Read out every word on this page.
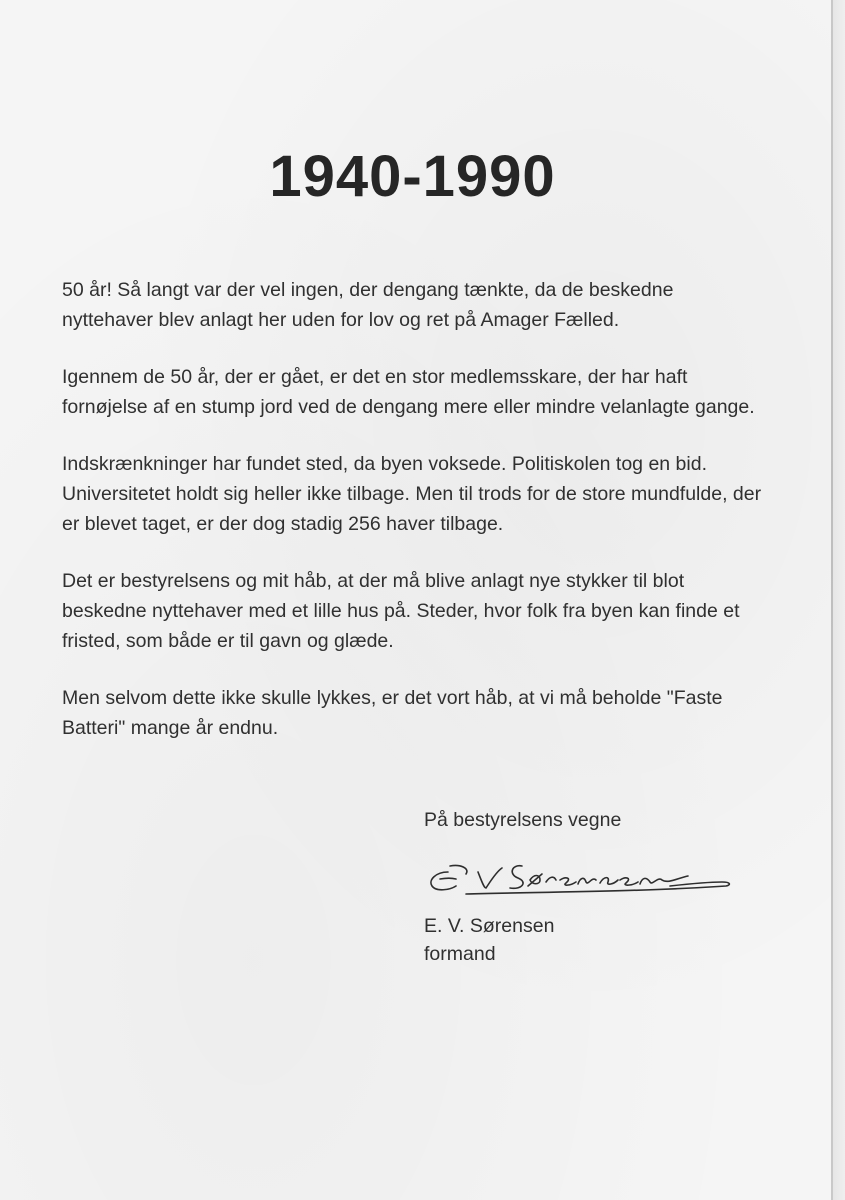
1940-1990

50 år! Så langt var der vel ingen, der dengang tænkte, da de beskedne nyttehaver blev anlagt her uden for lov og ret på Amager Fælled.

Igennem de 50 år, der er gået, er det en stor medlemsskare, der har haft fornøjelse af en stump jord ved de dengang mere eller mindre velanlagte gange.

Indskrænkninger har fundet sted, da byen voksede. Politiskolen tog en bid. Universitetet holdt sig heller ikke tilbage. Men til trods for de store mundfulde, der er blevet taget, er der dog stadig 256 haver tilbage.

Det er bestyrelsens og mit håb, at der må blive anlagt nye stykker til blot beskedne nyttehaver med et lille hus på. Steder, hvor folk fra byen kan finde et fristed, som både er til gavn og glæde.

Men selvom dette ikke skulle lykkes, er det vort håb, at vi må beholde "Faste Batteri" mange år endnu.

På bestyrelsens vegne

E. V. Sørensen

formand
